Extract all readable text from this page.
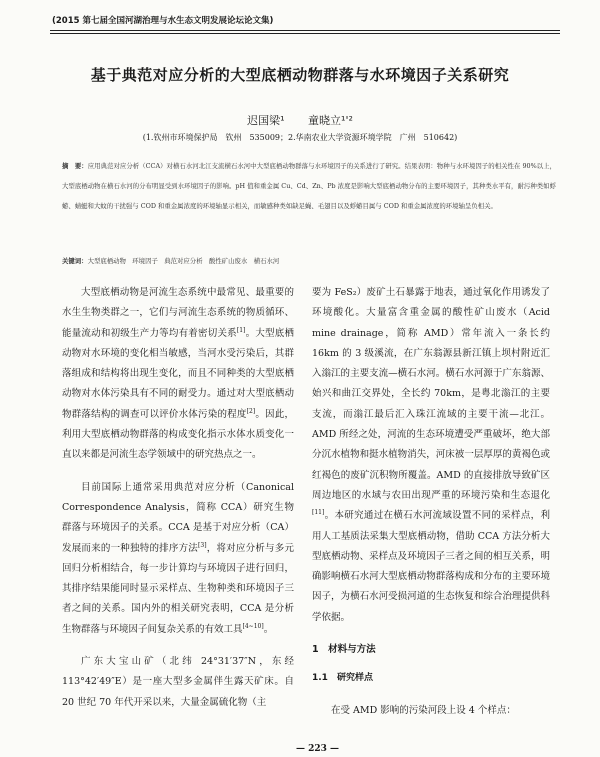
(2015 第七届全国河湖治理与水生态文明发展论坛论文集)
基于典范对应分析的大型底栖动物群落与水环境因子关系研究
迟国梁¹ 童晓立¹'²
(1.钦州市环境保护局　钦州　535009；2.华南农业大学资源环境学院　广州　510642)
摘　要：应用典范对应分析（CCA）对横石水河北江支流横石水河中大型底栖动物群落与水环境因子的关系进行了研究。结果表明：物种与水环境因子的相关性在 90%以上，大型底栖动物在横石水河的分布明显受到水环境因子的影响。pH 值和重金属 Cu、Cd、Zn、Pb 浓度是影响大型底栖动物分布的主要环境因子，其种类水平有，耐污种类如蜉蝣、蜻蜓和大蚊的干扰强与 COD 和重金属浓度的环境轴显示相关，而敏感种类如缺足蝇、毛翅目以及蜉蝣目属与 COD 和重金属浓度的环境轴呈负相关。
关键词：大型底栖动物　环境因子　典范对应分析　酸性矿山废水　横石水河

大型底栖动物是河流生态系统中最常见、最重要的水生生物类群之一，它们与河流生态系统的物质循环、能量流动和初级生产力等均有着密切关系[1]。大型底栖动物对水环境的变化相当敏感，当河水受污染后，其群落组成和结构将出现生变化，而且不同种类的大型底栖动物对水体污染具有不同的耐受力。通过对大型底栖动物群落结构的调查可以评价水体污染的程度[2]。因此，利用大型底栖动物群落的构成变化指示水体水质变化一直以来都是河流生态学领域中的研究热点之一。

目前国际上通常采用典范对应分析（Canonical Correspondence Analysis，简称 CCA）研究生物群落与环境因子的关系。CCA 是基于对应分析（CA）发展而来的一种独特的排序方法[3]，将对应分析与多元回归分析相结合，每一步计算均与环境因子进行回归，其排序结果能同时显示采样点、生物种类和环境因子三者之间的关系。国内外的相关研究表明，CCA 是分析生物群落与环境因子间复杂关系的有效工具[4~10]。

广东大宝山矿（北纬 24°31′37″N，东经 113°42′49″E）是一座大型多金属伴生露天矿床。自 20 世纪 70 年代开采以来，大量金属硫化物（主

要为 FeS₂）废矿土石暴露于地表，通过氧化作用诱发了环境酸化。大量富含重金属的酸性矿山废水（Acid mine drainage，简称 AMD）常年流入一条长约 16km 的 3 级溪流，在广东翁源县新江镇上坝村附近汇入滃江的主要支流—横石水河。横石水河源于广东翁源、始兴和曲江交界处，全长约 70km，是粤北滃江的主要支流，而滃江最后汇入珠江流域的主要干流—北江。AMD 所经之处，河流的生态环境遭受严重破坏，绝大部分沉水植物和挺水植物消失，河床被一层厚厚的黄褐色或红褐色的废矿沉积物所覆盖。AMD 的直接排放导致矿区周边地区的水域与农田出现严重的环境污染和生态退化[11]。本研究通过在横石水河流域设置不同的采样点，利用人工基质法采集大型底栖动物，借助 CCA 方法分析大型底栖动物、采样点及环境因子三者之间的相互关系，明确影响横石水河大型底栖动物群落构成和分布的主要环境因子，为横石水河受损河道的生态恢复和综合治理提供科学依据。

1　材料与方法
1.1　研究样点

在受 AMD 影响的污染河段上设 4 个样点：

— 223 —
